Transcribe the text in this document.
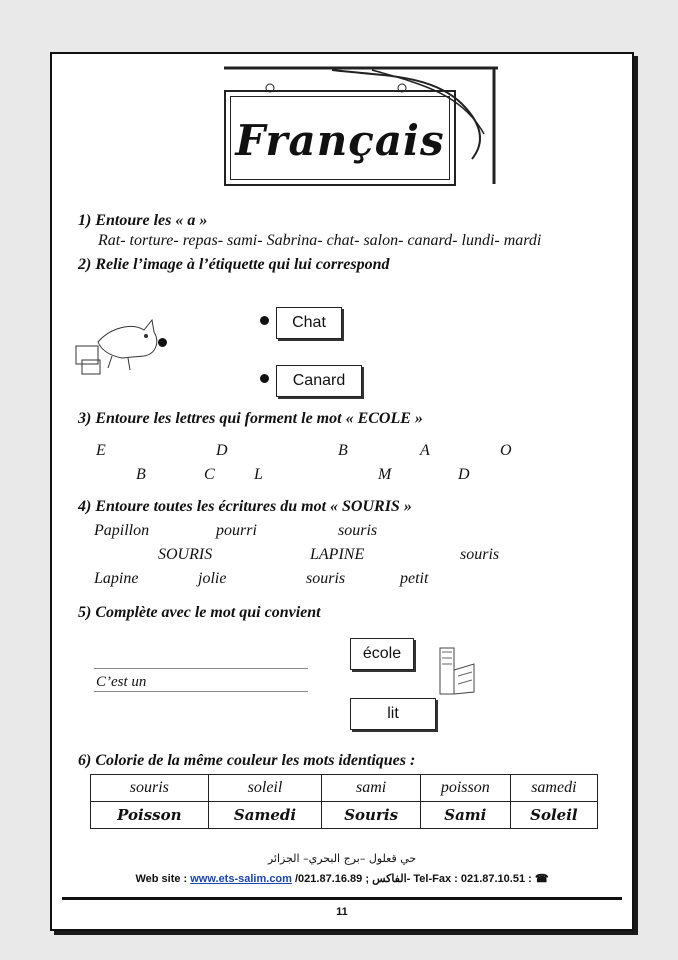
Français
1) Entoure les « a »
Rat- torture- repas- sami- Sabrina- chat- salon- canard- lundi- mardi
2) Relie l’image à l’étiquette qui lui correspond
Chat
Canard
3) Entoure les lettres qui forment le mot « ECOLE »
E	D	B	A	O
B	C L	M	D
4) Entoure toutes les écritures du mot « SOURIS »
Papillon	pourri	souris
SOURIS	LAPINE	souris
Lapine	jolie	souris	petit
5) Complète avec le mot qui convient
C’est un
école
lit
6) Colorie de la même couleur les mots identiques :
souris	soleil	sami	poisson	samedi
Poisson	Samedi	Souris	Sami	Soleil
حي قعلول –برج البحري– الجزائر
Web site : www.ets-salim.com /021.87.16.89 ; الفاكس- Tel-Fax : 021.87.10.51 : ☎
11
